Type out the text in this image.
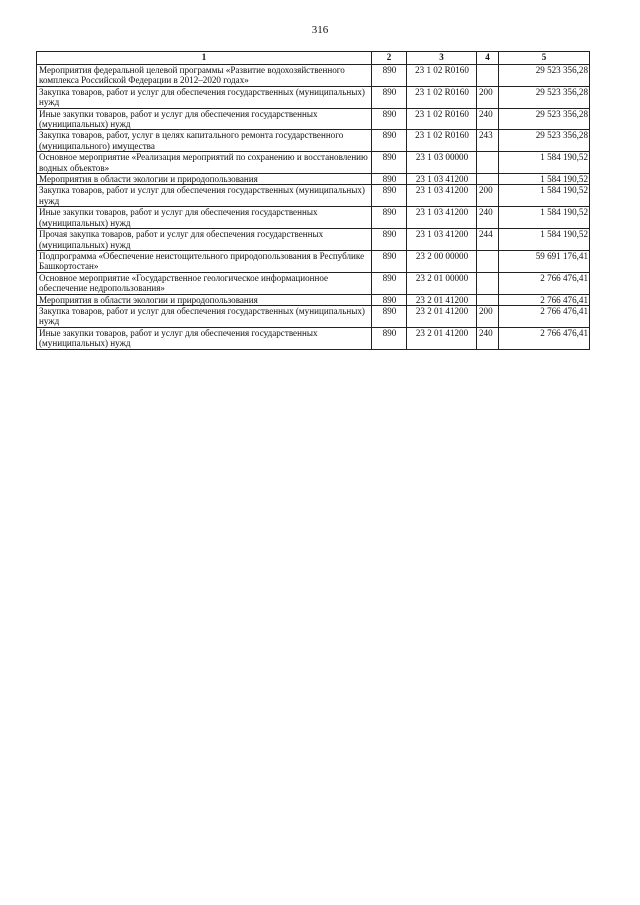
316
1	2	3	4	5
Мероприятия федеральной целевой программы «Развитие водохозяйственного комплекса Российской Федерации в 2012–2020 годах»	890	23 1 02 R0160		29 523 356,28
Закупка товаров, работ и услуг для обеспечения государственных (муниципальных) нужд	890	23 1 02 R0160	200	29 523 356,28
Иные закупки товаров, работ и услуг для обеспечения государственных (муниципальных) нужд	890	23 1 02 R0160	240	29 523 356,28
Закупка товаров, работ, услуг в целях капитального ремонта государственного (муниципального) имущества	890	23 1 02 R0160	243	29 523 356,28
Основное мероприятие «Реализация мероприятий по сохранению и восстановлению водных объектов»	890	23 1 03 00000		1 584 190,52
Мероприятия в области экологии и природопользования	890	23 1 03 41200		1 584 190,52
Закупка товаров, работ и услуг для обеспечения государственных (муниципальных) нужд	890	23 1 03 41200	200	1 584 190,52
Иные закупки товаров, работ и услуг для обеспечения государственных (муниципальных) нужд	890	23 1 03 41200	240	1 584 190,52
Прочая закупка товаров, работ и услуг для обеспечения государственных (муниципальных) нужд	890	23 1 03 41200	244	1 584 190,52
Подпрограмма «Обеспечение неистощительного природопользования в Республике Башкортостан»	890	23 2 00 00000		59 691 176,41
Основное мероприятие «Государственное геологическое информационное обеспечение недропользования»	890	23 2 01 00000		2 766 476,41
Мероприятия в области экологии и природопользования	890	23 2 01 41200		2 766 476,41
Закупка товаров, работ и услуг для обеспечения государственных (муниципальных) нужд	890	23 2 01 41200	200	2 766 476,41
Иные закупки товаров, работ и услуг для обеспечения государственных (муниципальных) нужд	890	23 2 01 41200	240	2 766 476,41
